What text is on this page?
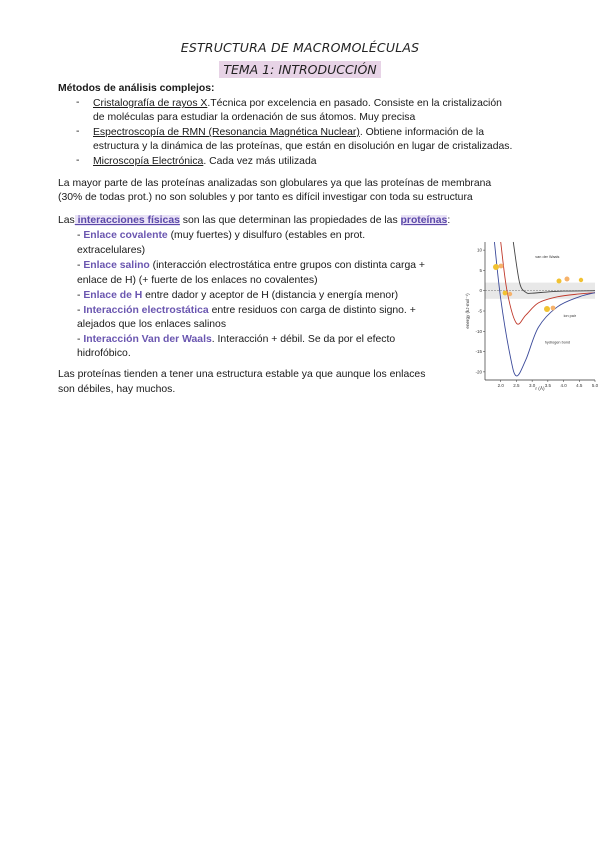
ESTRUCTURA DE MACROMOLÉCULAS
TEMA 1: INTRODUCCIÓN
Métodos de análisis complejos:
- Cristalografía de rayos X.Técnica por excelencia en pasado. Consiste en la cristalización
de moléculas para estudiar la ordenación de sus átomos. Muy precisa
- Espectroscopía de RMN (Resonancia Magnética Nuclear). Obtiene información de la
estructura y la dinámica de las proteínas, que están en disolución en lugar de cristalizadas.
- Microscopía Electrónica. Cada vez más utilizada
La mayor parte de las proteínas analizadas son globulares ya que las proteínas de membrana
(30% de todas prot.) no son solubles y por tanto es difícil investigar con toda su estructura
Las interacciones físicas son las que determinan las propiedades de las proteínas:
- Enlace covalente (muy fuertes) y disulfuro (estables en prot.
extracelulares)
- Enlace salino (interacción electrostática entre grupos con distinta carga +
enlace de H) (+ fuerte de los enlaces no covalentes)
- Enlace de H entre dador y aceptor de H (distancia y energía menor)
- Interacción electrostática entre residuos con carga de distinto signo. +
alejados que los enlaces salinos
- Interacción Van der Waals. Interacción + débil. Se da por el efecto
hidrofóbico.
Las proteínas tienden a tener una estructura estable ya que aunque los enlaces
son débiles, hay muchos.	2.0 2.5 3.0 3.5 4.0 4.5 5.0
10
5
0
-5
-10
-15
-20
r (Å)
energy (kJ·mol⁻¹)
van der Waals
ion pair
hydrogen bond
